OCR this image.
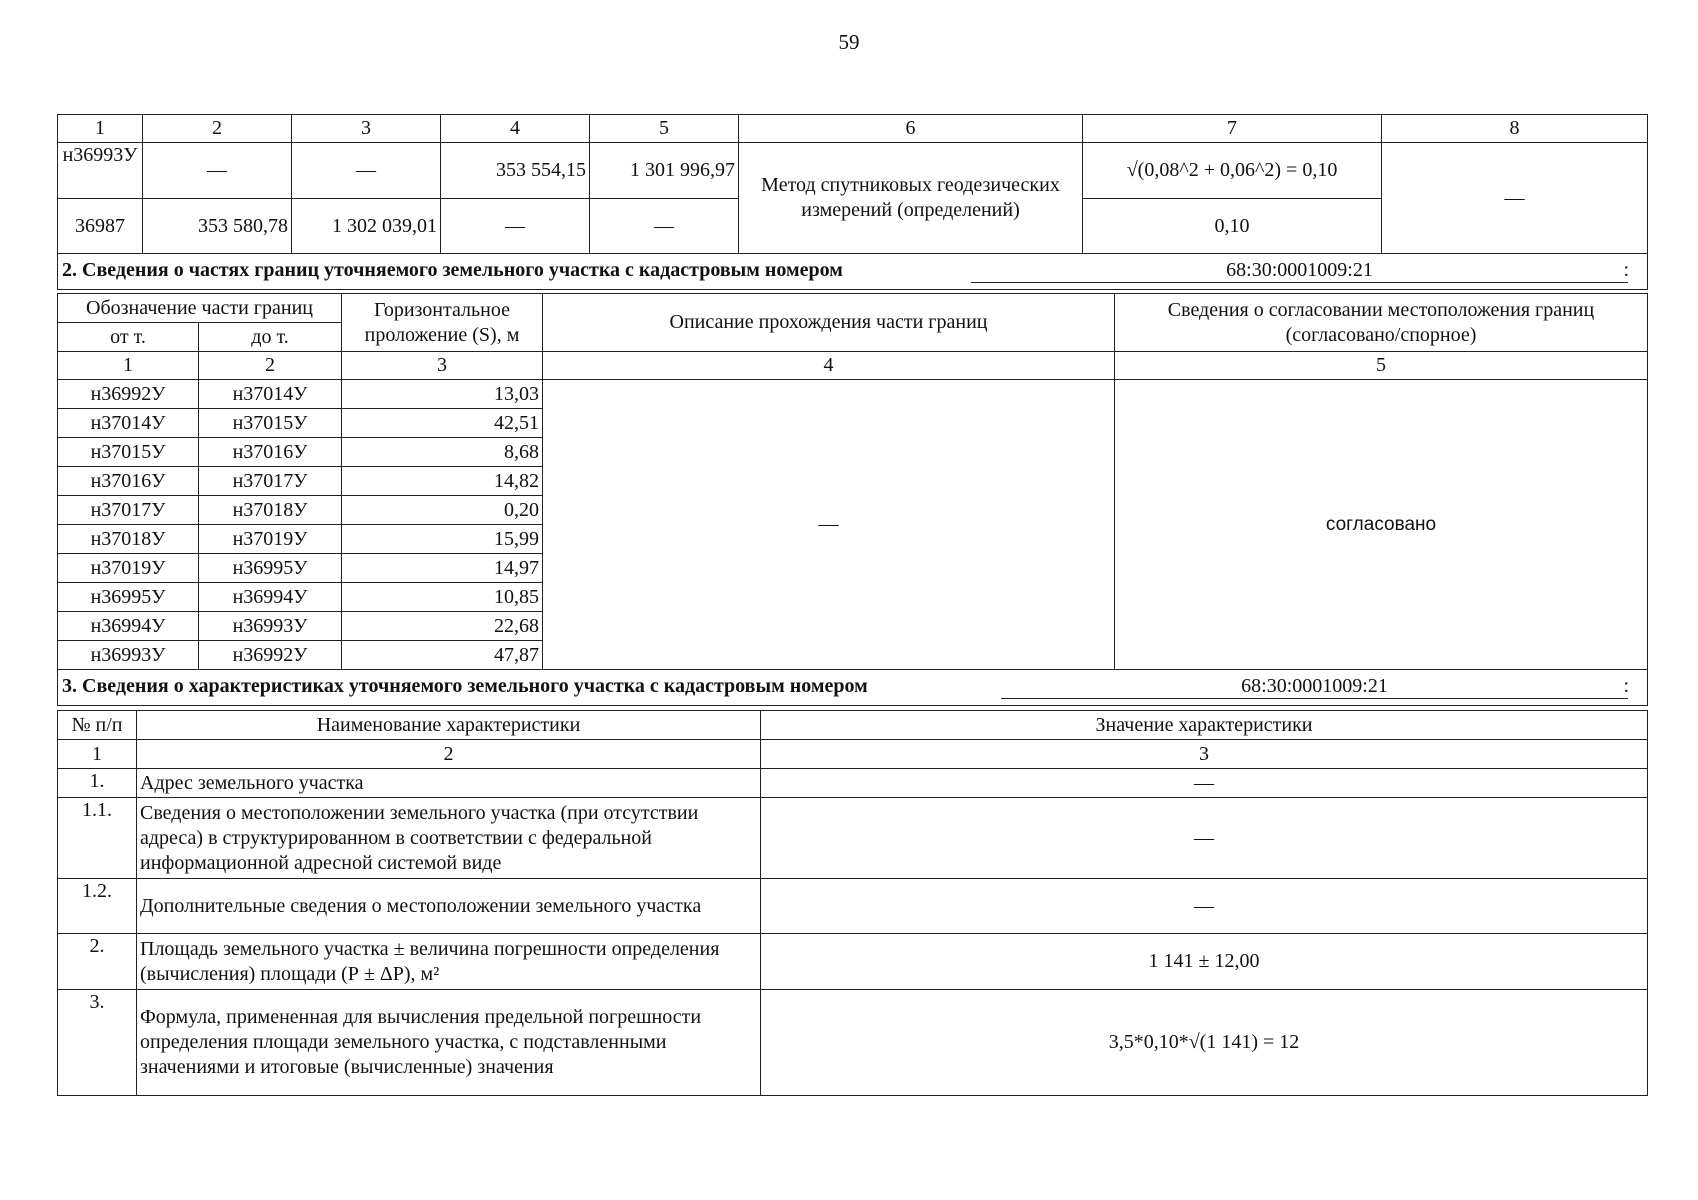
59
1	2	3	4	5	6	7	8
н36993У	—	—	353 554,15	1 301 996,97	Метод спутниковых геодезических измерений (определений)	√(0,08^2 + 0,06^2) = 0,10	—
36987	353 580,78	1 302 039,01	—	—		0,10	

2. Сведения о частях границ уточняемого земельного участка с кадастровым номером 68:30:0001009:21 :							
Обозначение части границ		Горизонтальное проложение (S), м	Описание прохождения части границ	Сведения о согласовании местоположения границ (согласовано/спорное)
от т.	до т.			
1	2	3	4	5
н36992У	н37014У	13,03	—	согласовано
н37014У	н37015У	42,51		
н37015У	н37016У	8,68		
н37016У	н37017У	14,82		
н37017У	н37018У	0,20		
н37018У	н37019У	15,99		
н37019У	н36995У	14,97		
н36995У	н36994У	10,85		
н36994У	н36993У	22,68		
н36993У	н36992У	47,87		

3. Сведения о характеристиках уточняемого земельного участка с кадастровым номером 68:30:0001009:21 :				
№ п/п	Наименование характеристики	Значение характеристики
1	2	3
1.	Адрес земельного участка	—
1.1.	Сведения о местоположении земельного участка (при отсутствии адреса) в структурированном в соответствии с федеральной информационной адресной системой виде	—
1.2.	Дополнительные сведения о местоположении земельного участка	—
2.	Площадь земельного участка ± величина погрешности определения (вычисления) площади (Р ± ΔР), м²	1 141 ± 12,00
3.	Формула, примененная для вычисления предельной погрешности определения площади земельного участка, с подставленными значениями и итоговые (вычисленные) значения	3,5*0,10*√(1 141) = 12
